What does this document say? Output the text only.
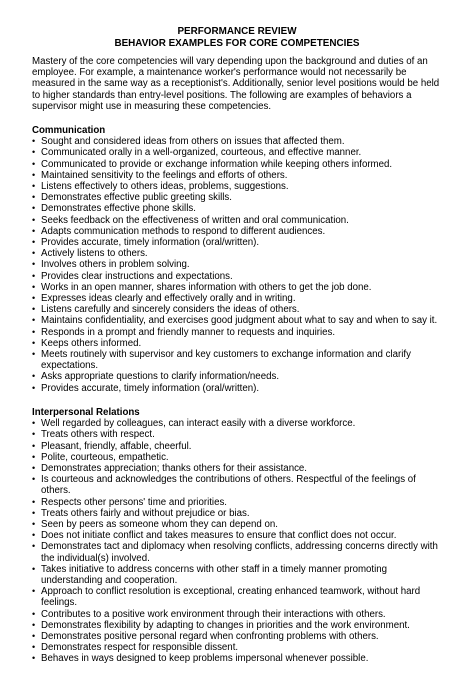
PERFORMANCE REVIEW
BEHAVIOR EXAMPLES FOR CORE COMPETENCIES

Mastery of the core competencies will vary depending upon the background and duties of an employee. For example, a maintenance worker's performance would not necessarily be measured in the same way as a receptionist's. Additionally, senior level positions would be held to higher standards than entry-level positions. The following are examples of behaviors a supervisor might use in measuring these competencies.

Communication
• Sought and considered ideas from others on issues that affected them.
• Communicated orally in a well-organized, courteous, and effective manner.
• Communicated to provide or exchange information while keeping others informed.
• Maintained sensitivity to the feelings and efforts of others.
• Listens effectively to others ideas, problems, suggestions.
• Demonstrates effective public greeting skills.
• Demonstrates effective phone skills.
• Seeks feedback on the effectiveness of written and oral communication.
• Adapts communication methods to respond to different audiences.
• Provides accurate, timely information (oral/written).
• Actively listens to others.
• Involves others in problem solving.
• Provides clear instructions and expectations.
• Works in an open manner, shares information with others to get the job done.
• Expresses ideas clearly and effectively orally and in writing.
• Listens carefully and sincerely considers the ideas of others.
• Maintains confidentiality, and exercises good judgment about what to say and when to say it.
• Responds in a prompt and friendly manner to requests and inquiries.
• Keeps others informed.
• Meets routinely with supervisor and key customers to exchange information and clarify expectations.
• Asks appropriate questions to clarify information/needs.
• Provides accurate, timely information (oral/written).
Interpersonal Relations
• Well regarded by colleagues, can interact easily with a diverse workforce.
• Treats others with respect.
• Pleasant, friendly, affable, cheerful.
• Polite, courteous, empathetic.
• Demonstrates appreciation; thanks others for their assistance.
• Is courteous and acknowledges the contributions of others. Respectful of the feelings of others.
• Respects other persons' time and priorities.
• Treats others fairly and without prejudice or bias.
• Seen by peers as someone whom they can depend on.
• Does not initiate conflict and takes measures to ensure that conflict does not occur.
• Demonstrates tact and diplomacy when resolving conflicts, addressing concerns directly with the individual(s) involved.
• Takes initiative to address concerns with other staff in a timely manner promoting understanding and cooperation.
• Approach to conflict resolution is exceptional, creating enhanced teamwork, without hard feelings.
• Contributes to a positive work environment through their interactions with others.
• Demonstrates flexibility by adapting to changes in priorities and the work environment.
• Demonstrates positive personal regard when confronting problems with others.
• Demonstrates respect for responsible dissent.
• Behaves in ways designed to keep problems impersonal whenever possible.
